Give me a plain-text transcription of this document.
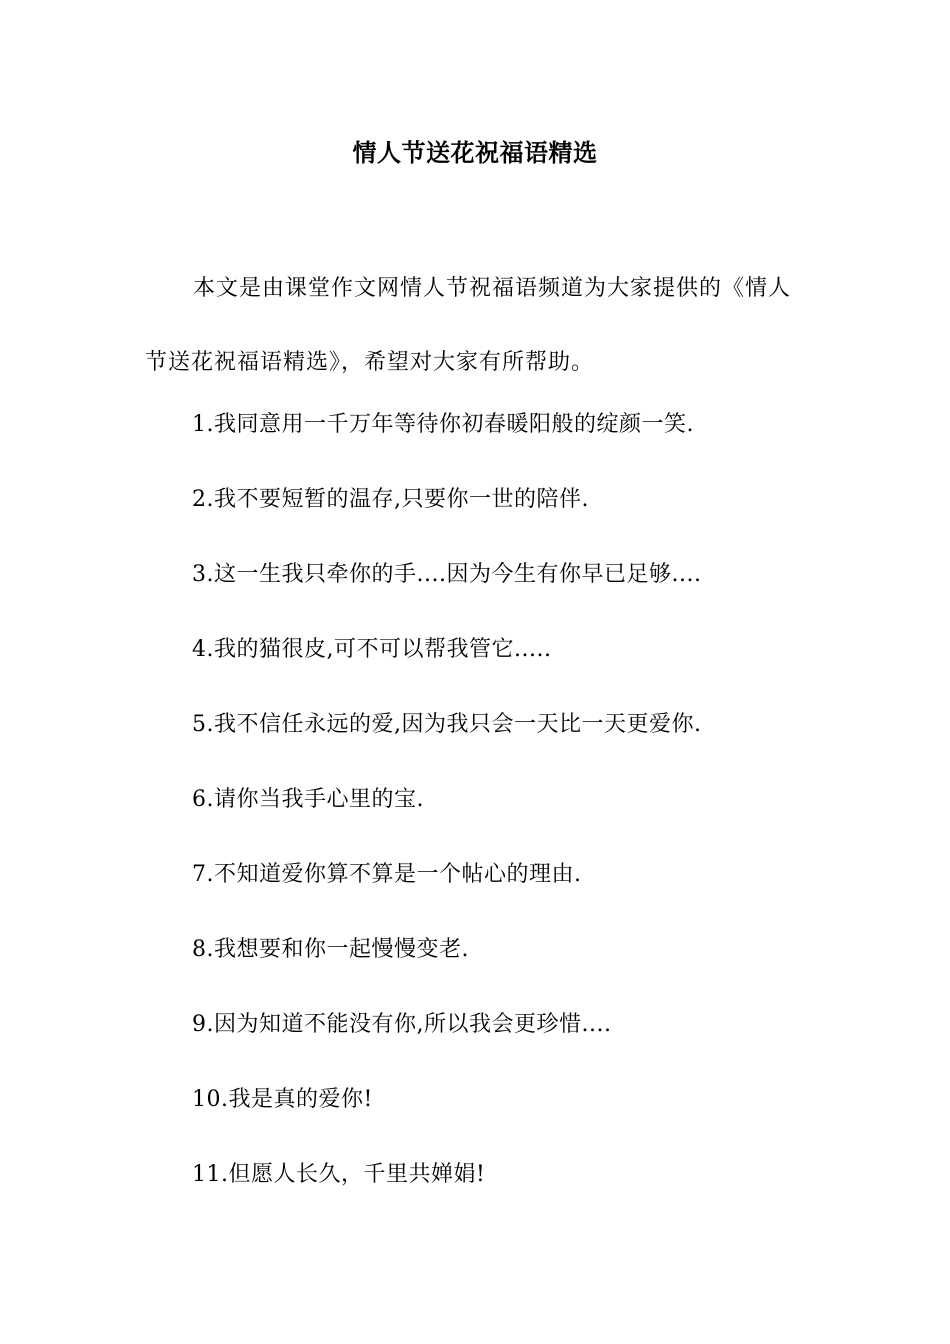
情人节送花祝福语精选

本文是由课堂作文网情人节祝福语频道为大家提供的《情人节送花祝福语精选》，希望对大家有所帮助。

1.我同意用一千万年等待你初春暖阳般的绽颜一笑.
2.我不要短暂的温存,只要你一世的陪伴.
3.这一生我只牵你的手....因为今生有你早已足够....
4.我的猫很皮,可不可以帮我管它.....
5.我不信任永远的爱,因为我只会一天比一天更爱你.
6.请你当我手心里的宝.
7.不知道爱你算不算是一个帖心的理由.
8.我想要和你一起慢慢变老.
9.因为知道不能没有你,所以我会更珍惜....
10.我是真的爱你!
11.但愿人长久，千里共婵娟!
